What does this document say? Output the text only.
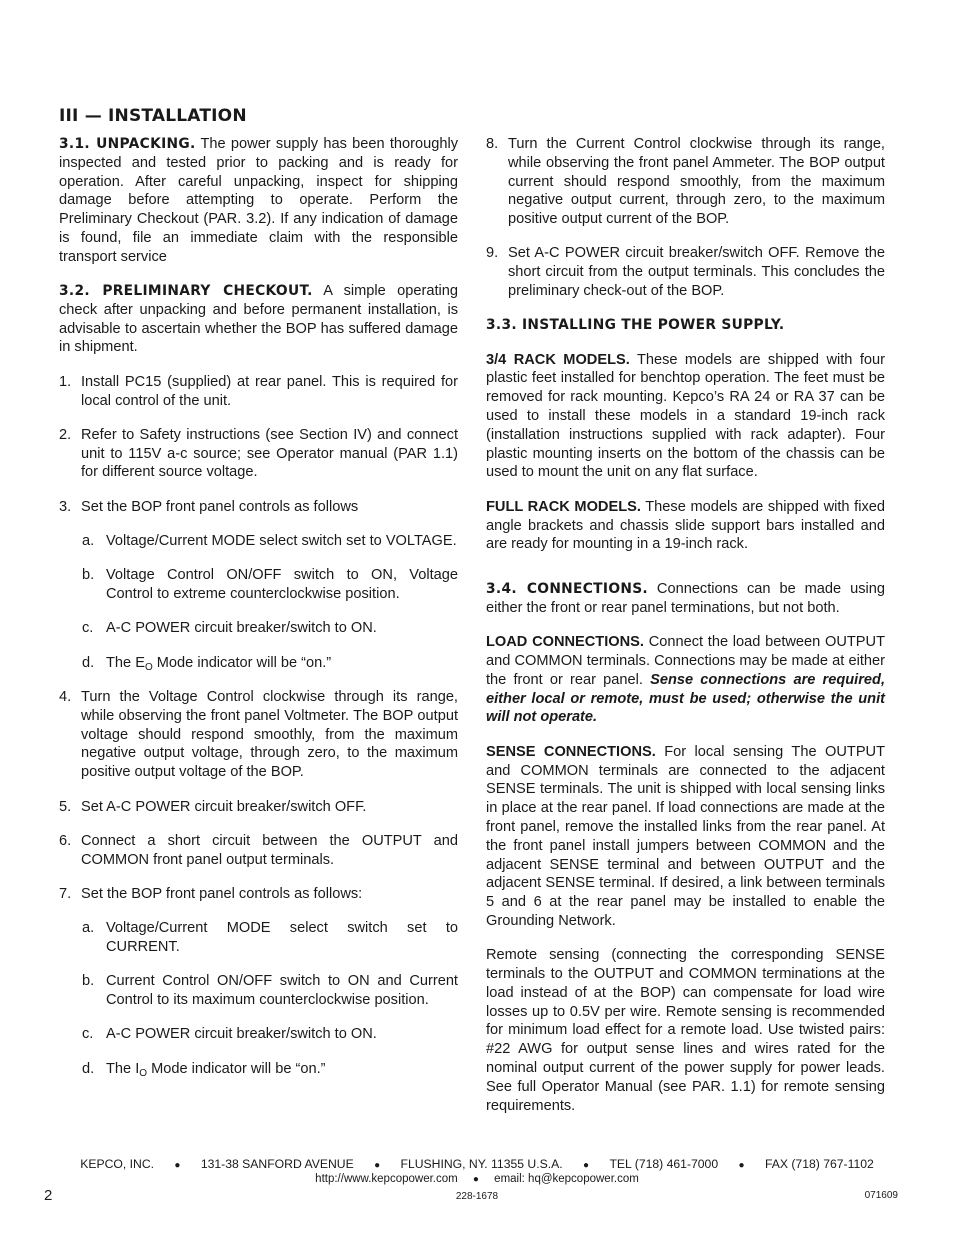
III — INSTALLATION

3.1. UNPACKING. The power supply has been thoroughly inspected and tested prior to packing and is ready for operation. After careful unpacking, inspect for shipping damage before attempting to operate. Perform the Preliminary Checkout (PAR. 3.2). If any indication of damage is found, file an immediate claim with the responsible transport service

3.2. PRELIMINARY CHECKOUT. A simple operating check after unpacking and before permanent installation, is advisable to ascertain whether the BOP has suffered damage in shipment.

1. Install PC15 (supplied) at rear panel. This is required for local control of the unit.
2. Refer to Safety instructions (see Section IV) and connect unit to 115V a-c source; see Operator manual (PAR 1.1) for different source voltage.
3. Set the BOP front panel controls as follows
a. Voltage/Current MODE select switch set to VOLTAGE.
b. Voltage Control ON/OFF switch to ON, Voltage Control to extreme counterclockwise position.
c. A-C POWER circuit breaker/switch to ON.
d. The $E_O$ Mode indicator will be “on.”
4. Turn the Voltage Control clockwise through its range, while observing the front panel Voltmeter. The BOP output voltage should respond smoothly, from the maximum negative output voltage, through zero, to the maximum positive output voltage of the BOP.
5. Set A-C POWER circuit breaker/switch OFF.
6. Connect a short circuit between the OUTPUT and COMMON front panel output terminals.
7. Set the BOP front panel controls as follows:
a. Voltage/Current MODE select switch set to CURRENT.
b. Current Control ON/OFF switch to ON and Current Control to its maximum counterclockwise position.
c. A-C POWER circuit breaker/switch to ON.
d. The $I_O$ Mode indicator will be “on.”
8. Turn the Current Control clockwise through its range, while observing the front panel Ammeter. The BOP output current should respond smoothly, from the maximum negative output current, through zero, to the maximum positive output current of the BOP.
9. Set A-C POWER circuit breaker/switch OFF. Remove the short circuit from the output terminals. This concludes the preliminary check-out of the BOP.

3.3. INSTALLING THE POWER SUPPLY.

3/4 RACK MODELS. These models are shipped with four plastic feet installed for benchtop operation. The feet must be removed for rack mounting. Kepco’s RA 24 or RA 37 can be used to install these models in a standard 19-inch rack (installation instructions supplied with rack adapter). Four plastic mounting inserts on the bottom of the chassis can be used to mount the unit on any flat surface.

FULL RACK MODELS. These models are shipped with fixed angle brackets and chassis slide support bars installed and are ready for mounting in a 19-inch rack.

3.4. CONNECTIONS. Connections can be made using either the front or rear panel terminations, but not both.

LOAD CONNECTIONS. Connect the load between OUTPUT and COMMON terminals. Connections may be made at either the front or rear panel. Sense connections are required, either local or remote, must be used; otherwise the unit will not operate.

SENSE CONNECTIONS. For local sensing The OUTPUT and COMMON terminals are connected to the adjacent SENSE terminals. The unit is shipped with local sensing links in place at the rear panel. If load connections are made at the front panel, remove the installed links from the rear panel. At the front panel install jumpers between COMMON and the adjacent SENSE terminal and between OUTPUT and the adjacent SENSE terminal. If desired, a link between terminals 5 and 6 at the rear panel may be installed to enable the Grounding Network.

Remote sensing (connecting the corresponding SENSE terminals to the OUTPUT and COMMON terminations at the load instead of at the BOP) can compensate for load wire losses up to 0.5V per wire. Remote sensing is recommended for minimum load effect for a remote load. Use twisted pairs: #22 AWG for output sense lines and wires rated for the nominal output current of the power supply for power leads. See full Operator Manual (see PAR. 1.1) for remote sensing requirements.

KEPCO, INC. ● 131-38 SANFORD AVENUE ● FLUSHING, NY. 11355 U.S.A. ● TEL (718) 461-7000 ● FAX (718) 767-1102
http://www.kepcopower.com ● email: hq@kepcopower.com
228-1678
2	071609
